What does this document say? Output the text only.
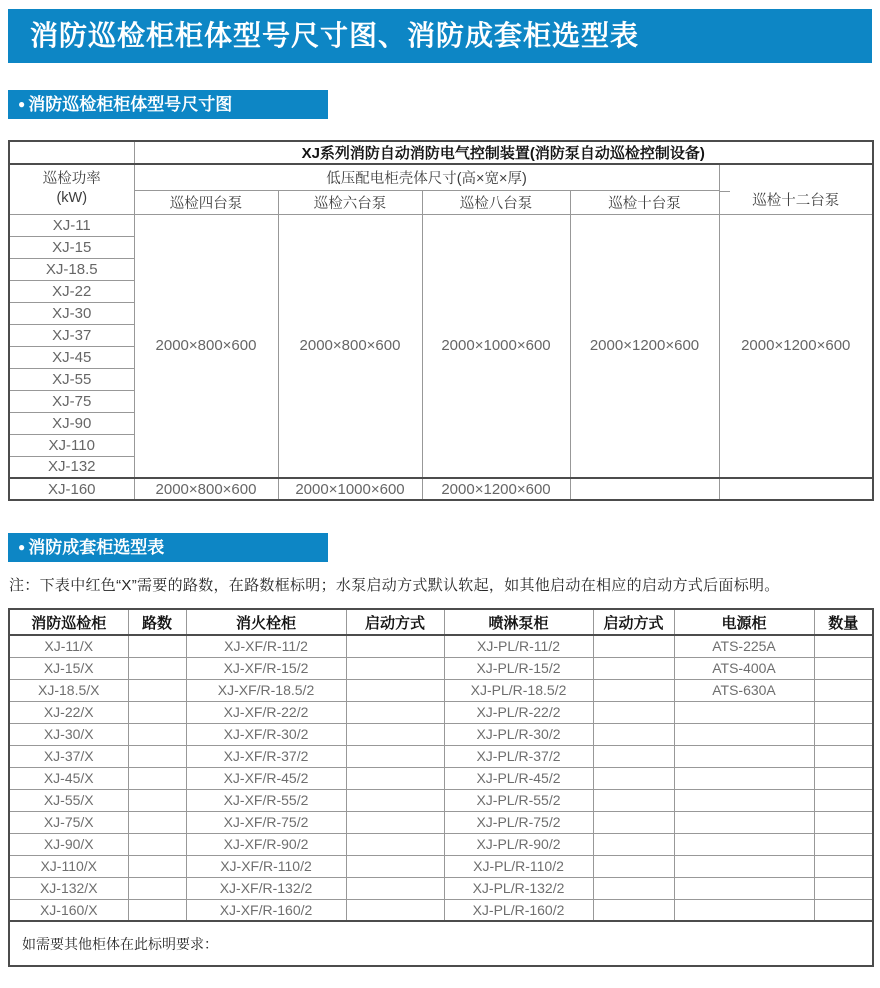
消防巡检柜柜体型号尺寸图、消防成套柜选型表
● 消防巡检柜柜体型号尺寸图
	XJ系列消防自动消防电气控制装置(消防泵自动巡检控制设备)				

巡检功率
(kW)	低压配电柜壳体尺寸(高×宽×厚)				巡检十二台泵
	巡检四台泵	巡检六台泵	巡检八台泵	巡检十台泵	
XJ-11	2000×800×600	2000×800×600	2000×1000×600	2000×1200×600	2000×1200×600
XJ-15					
XJ-18.5					
XJ-22					
XJ-30					
XJ-37					
XJ-45					
XJ-55					
XJ-75					
XJ-90					
XJ-110					
XJ-132					
XJ-160	2000×800×600	2000×1000×600	2000×1200×600		
● 消防成套柜选型表
注：下表中红色“X”需要的路数，在路数框标明；水泵启动方式默认软起，如其他启动在相应的启动方式后面标明。
消防巡检柜	路数	消火栓柜	启动方式	喷淋泵柜	启动方式	电源柜	数量
XJ-11/X		XJ-XF/R-11/2		XJ-PL/R-11/2		ATS-225A	
XJ-15/X		XJ-XF/R-15/2		XJ-PL/R-15/2		ATS-400A	
XJ-18.5/X		XJ-XF/R-18.5/2		XJ-PL/R-18.5/2		ATS-630A	
XJ-22/X		XJ-XF/R-22/2		XJ-PL/R-22/2			
XJ-30/X		XJ-XF/R-30/2		XJ-PL/R-30/2			
XJ-37/X		XJ-XF/R-37/2		XJ-PL/R-37/2			
XJ-45/X		XJ-XF/R-45/2		XJ-PL/R-45/2			
XJ-55/X		XJ-XF/R-55/2		XJ-PL/R-55/2			
XJ-75/X		XJ-XF/R-75/2		XJ-PL/R-75/2			
XJ-90/X		XJ-XF/R-90/2		XJ-PL/R-90/2			
XJ-110/X		XJ-XF/R-110/2		XJ-PL/R-110/2			
XJ-132/X		XJ-XF/R-132/2		XJ-PL/R-132/2			
XJ-160/X		XJ-XF/R-160/2		XJ-PL/R-160/2			
如需要其他柜体在此标明要求：							
